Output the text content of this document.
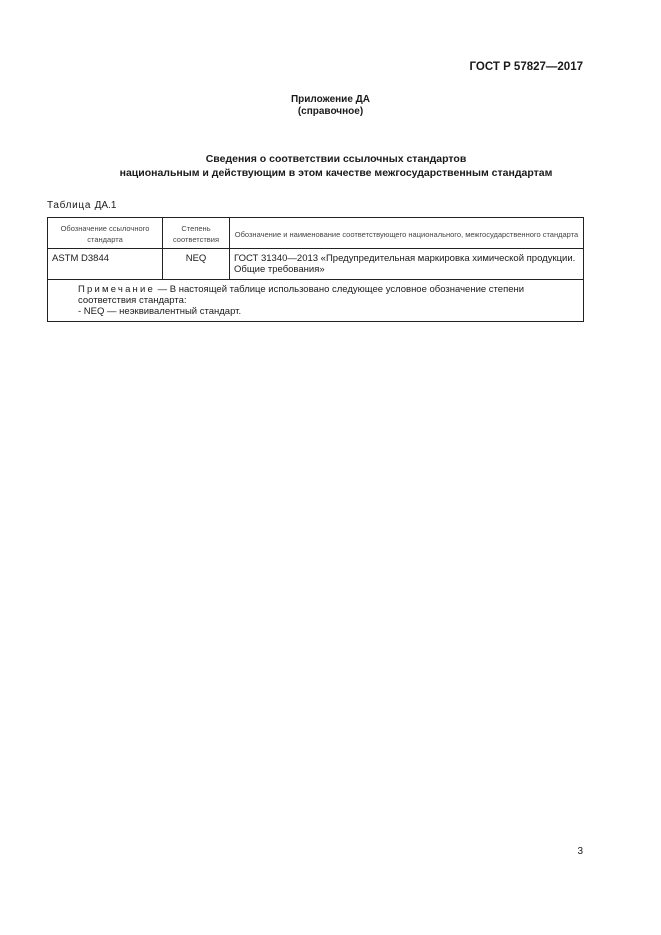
ГОСТ Р 57827—2017
Приложение ДА
(справочное)
Сведения о соответствии ссылочных стандартов
национальным и действующим в этом качестве межгосударственным стандартам
Таблица ДА.1
Обозначение ссылочного стандарта	Степень соответствия	Обозначение и наименование соответствующего национального, межгосударственного стандарта
ASTM D3844	NEQ	ГОСТ 31340—2013 «Предупредительная маркировка химической продукции. Общие требования»

Примечание — В настоящей таблице использовано следующее условное обозначение степени соответствия стандарта:
- NEQ — неэквивалентный стандарт.		
3
